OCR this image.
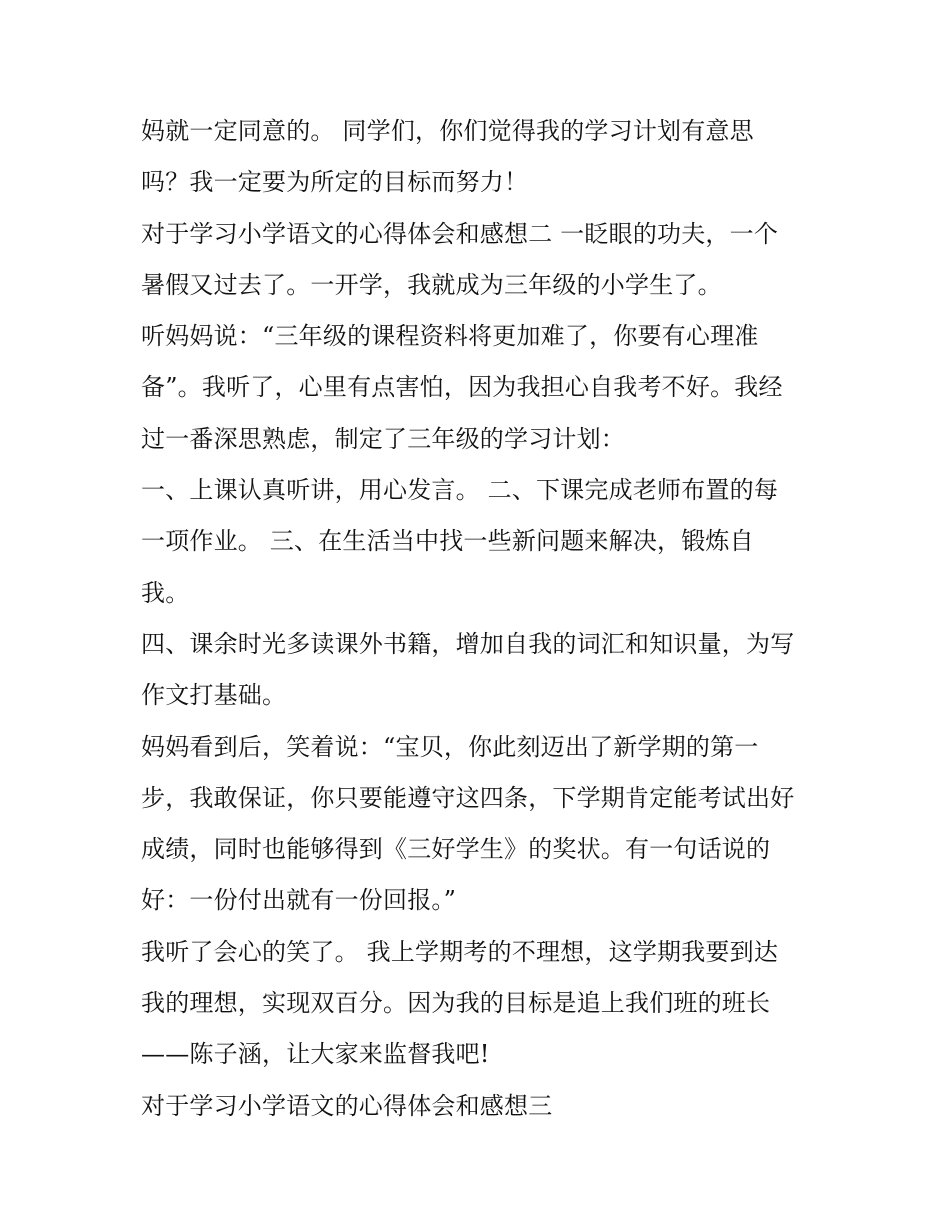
妈就一定同意的。 同学们，你们觉得我的学习计划有意思
吗？我一定要为所定的目标而努力！
对于学习小学语文的心得体会和感想二 一眨眼的功夫，一个
暑假又过去了。一开学，我就成为三年级的小学生了。
听妈妈说：“三年级的课程资料将更加难了，你要有心理准
备”。我听了，心里有点害怕，因为我担心自我考不好。我经
过一番深思熟虑，制定了三年级的学习计划：
一、上课认真听讲，用心发言。 二、下课完成老师布置的每
一项作业。 三、在生活当中找一些新问题来解决，锻炼自
我。
四、课余时光多读课外书籍，增加自我的词汇和知识量，为写
作文打基础。
妈妈看到后，笑着说：“宝贝，你此刻迈出了新学期的第一
步，我敢保证，你只要能遵守这四条，下学期肯定能考试出好
成绩，同时也能够得到《三好学生》的奖状。有一句话说的
好：一份付出就有一份回报。”
我听了会心的笑了。 我上学期考的不理想，这学期我要到达
我的理想，实现双百分。因为我的目标是追上我们班的班长
——陈子涵，让大家来监督我吧!
对于学习小学语文的心得体会和感想三
